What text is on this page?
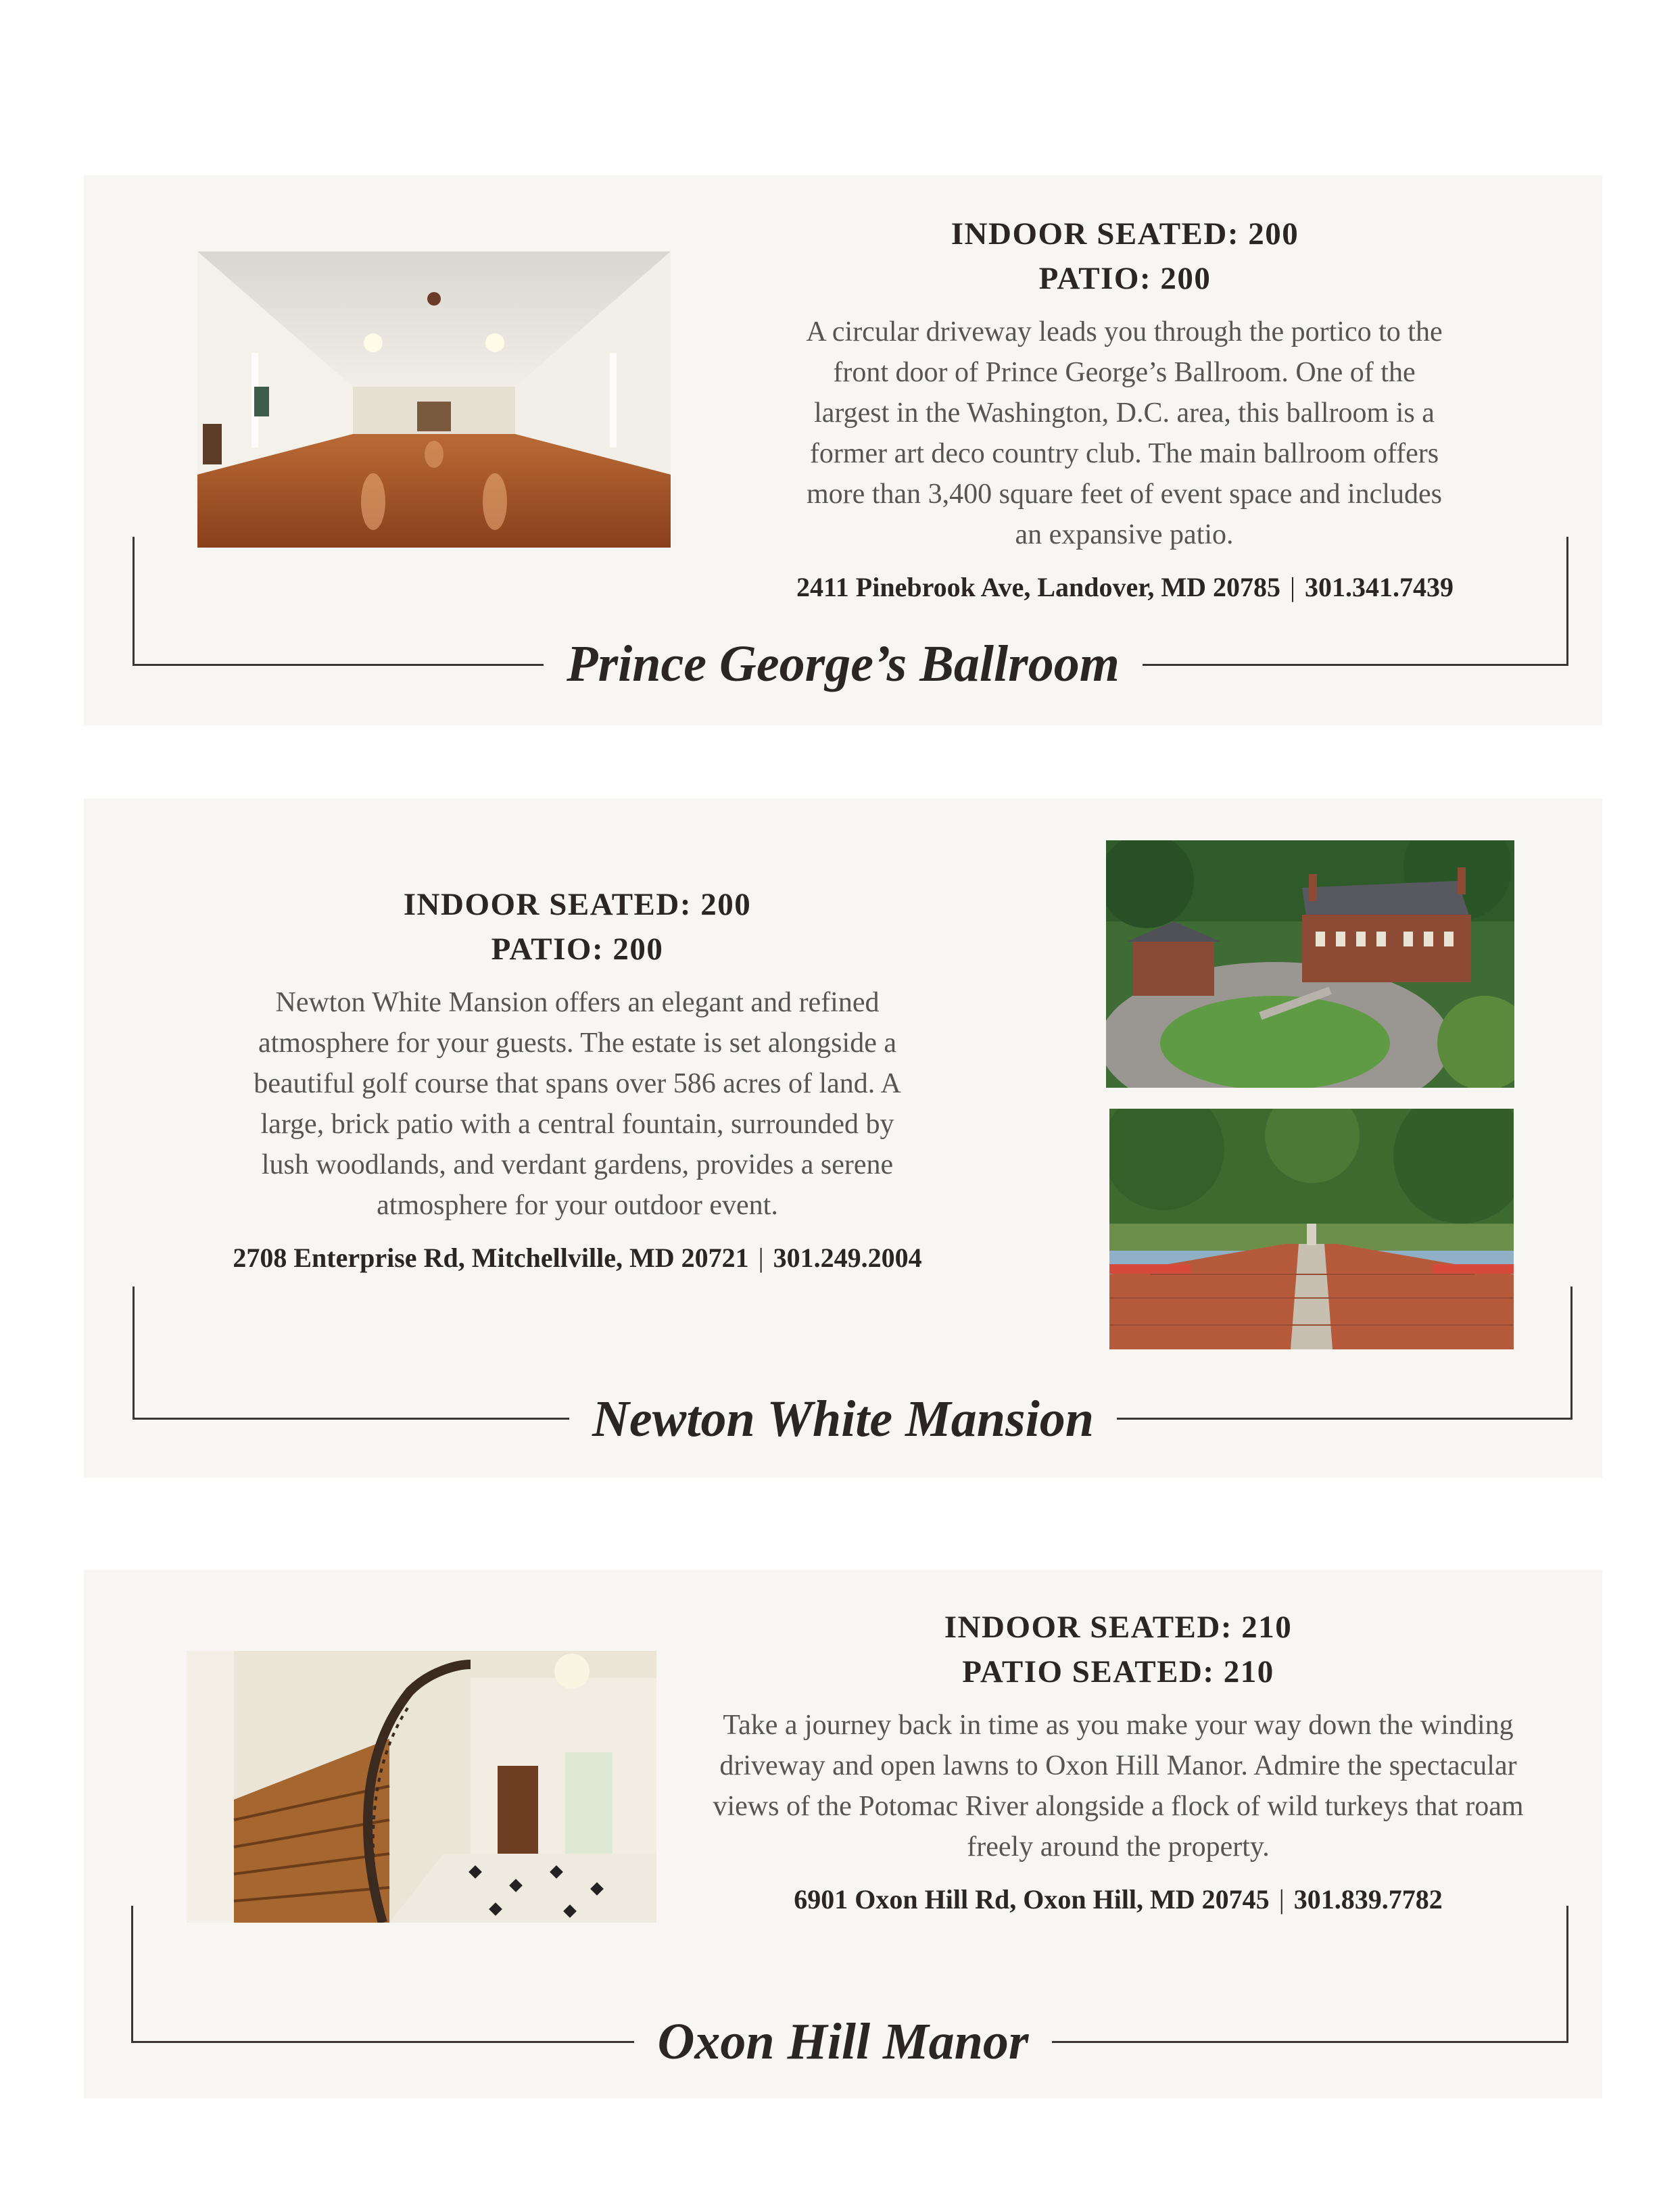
INDOOR SEATED: 200
PATIO: 200
A circular driveway leads you through the portico to the front door of Prince George’s Ballroom. One of the largest in the Washington, D.C. area, this ballroom is a former art deco country club. The main ballroom offers more than 3,400 square feet of event space and includes an expansive patio.
2411 Pinebrook Ave, Landover, MD 20785 | 301.341.7439
Prince George’s Ballroom
INDOOR SEATED: 200
PATIO: 200
Newton White Mansion offers an elegant and refined atmosphere for your guests. The estate is set alongside a beautiful golf course that spans over 586 acres of land. A large, brick patio with a central fountain, surrounded by lush woodlands, and verdant gardens, provides a serene atmosphere for your outdoor event.
2708 Enterprise Rd, Mitchellville, MD 20721 | 301.249.2004
Newton White Mansion
INDOOR SEATED: 210
PATIO SEATED: 210
Take a journey back in time as you make your way down the winding driveway and open lawns to Oxon Hill Manor. Admire the spectacular views of the Potomac River alongside a flock of wild turkeys that roam freely around the property.
6901 Oxon Hill Rd, Oxon Hill, MD 20745 | 301.839.7782
Oxon Hill Manor
